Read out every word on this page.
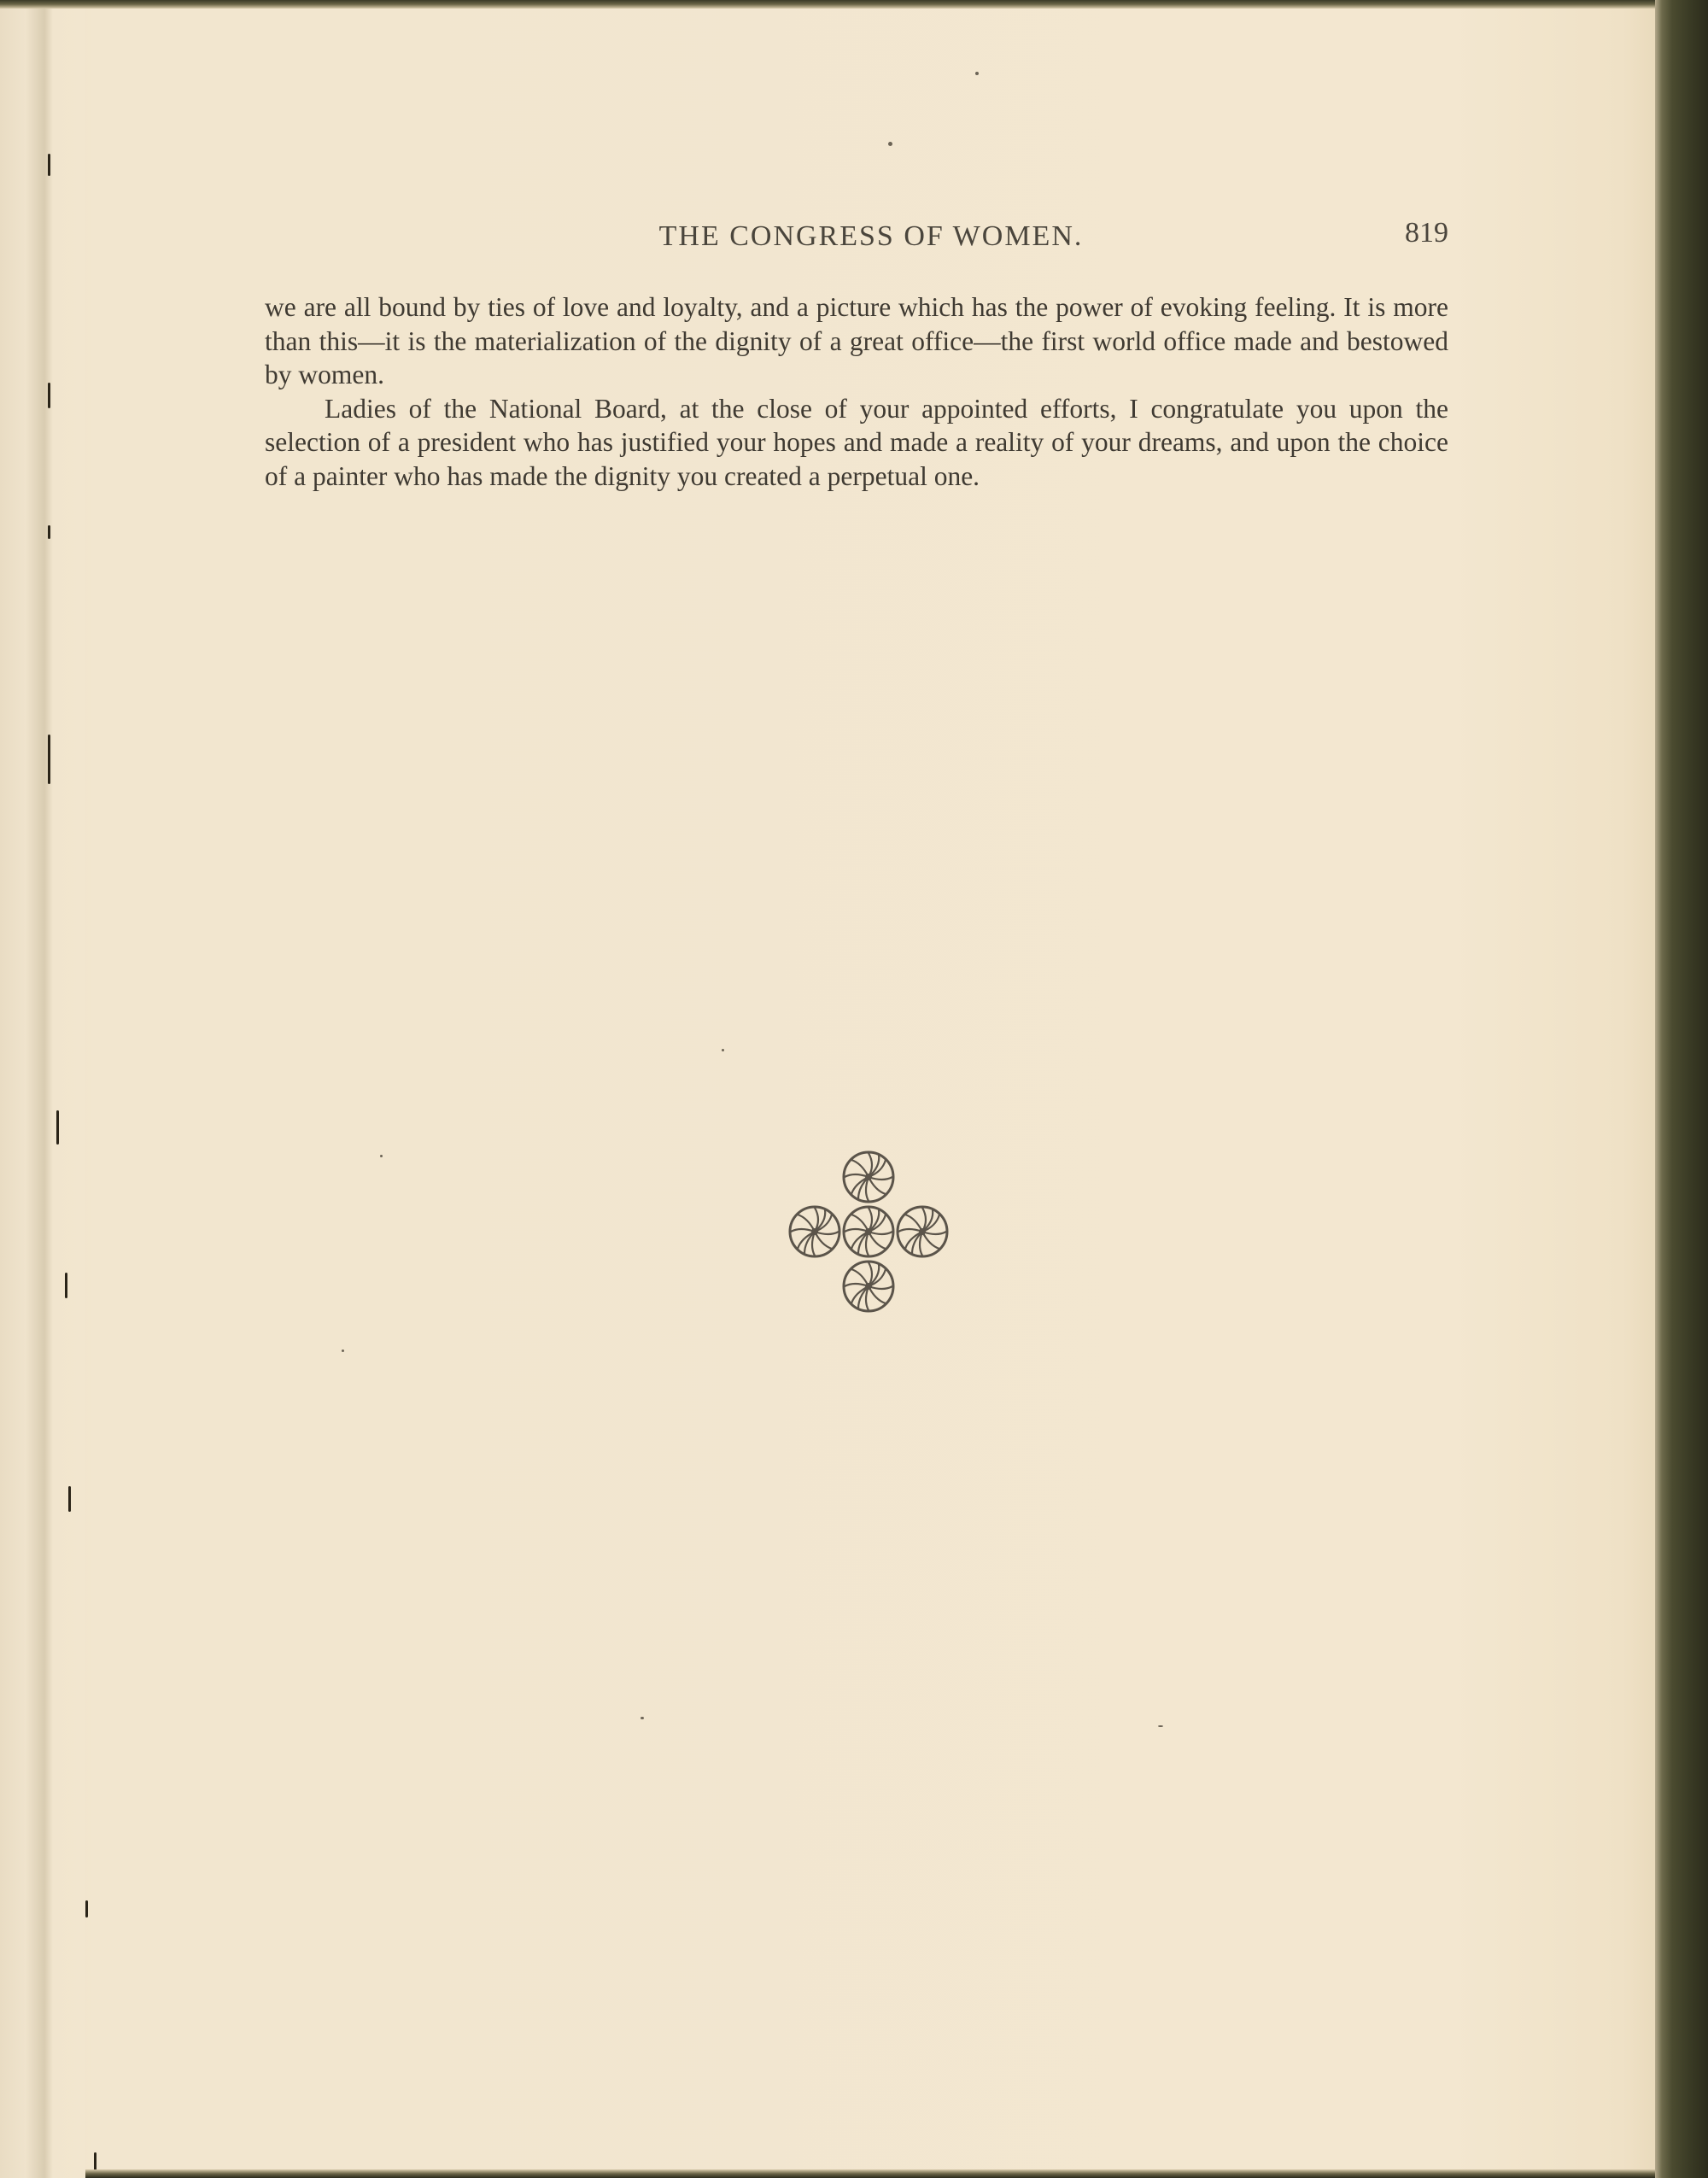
THE CONGRESS OF WOMEN.	819

we are all bound by ties of love and loyalty, and a picture which has the power of evoking feeling. It is more than this—it is the materialization of the dignity of a great office—the first world office made and bestowed by women.

Ladies of the National Board, at the close of your appointed efforts, I congratulate you upon the selection of a president who has justified your hopes and made a reality of your dreams, and upon the choice of a painter who has made the dignity you created a perpetual one.
